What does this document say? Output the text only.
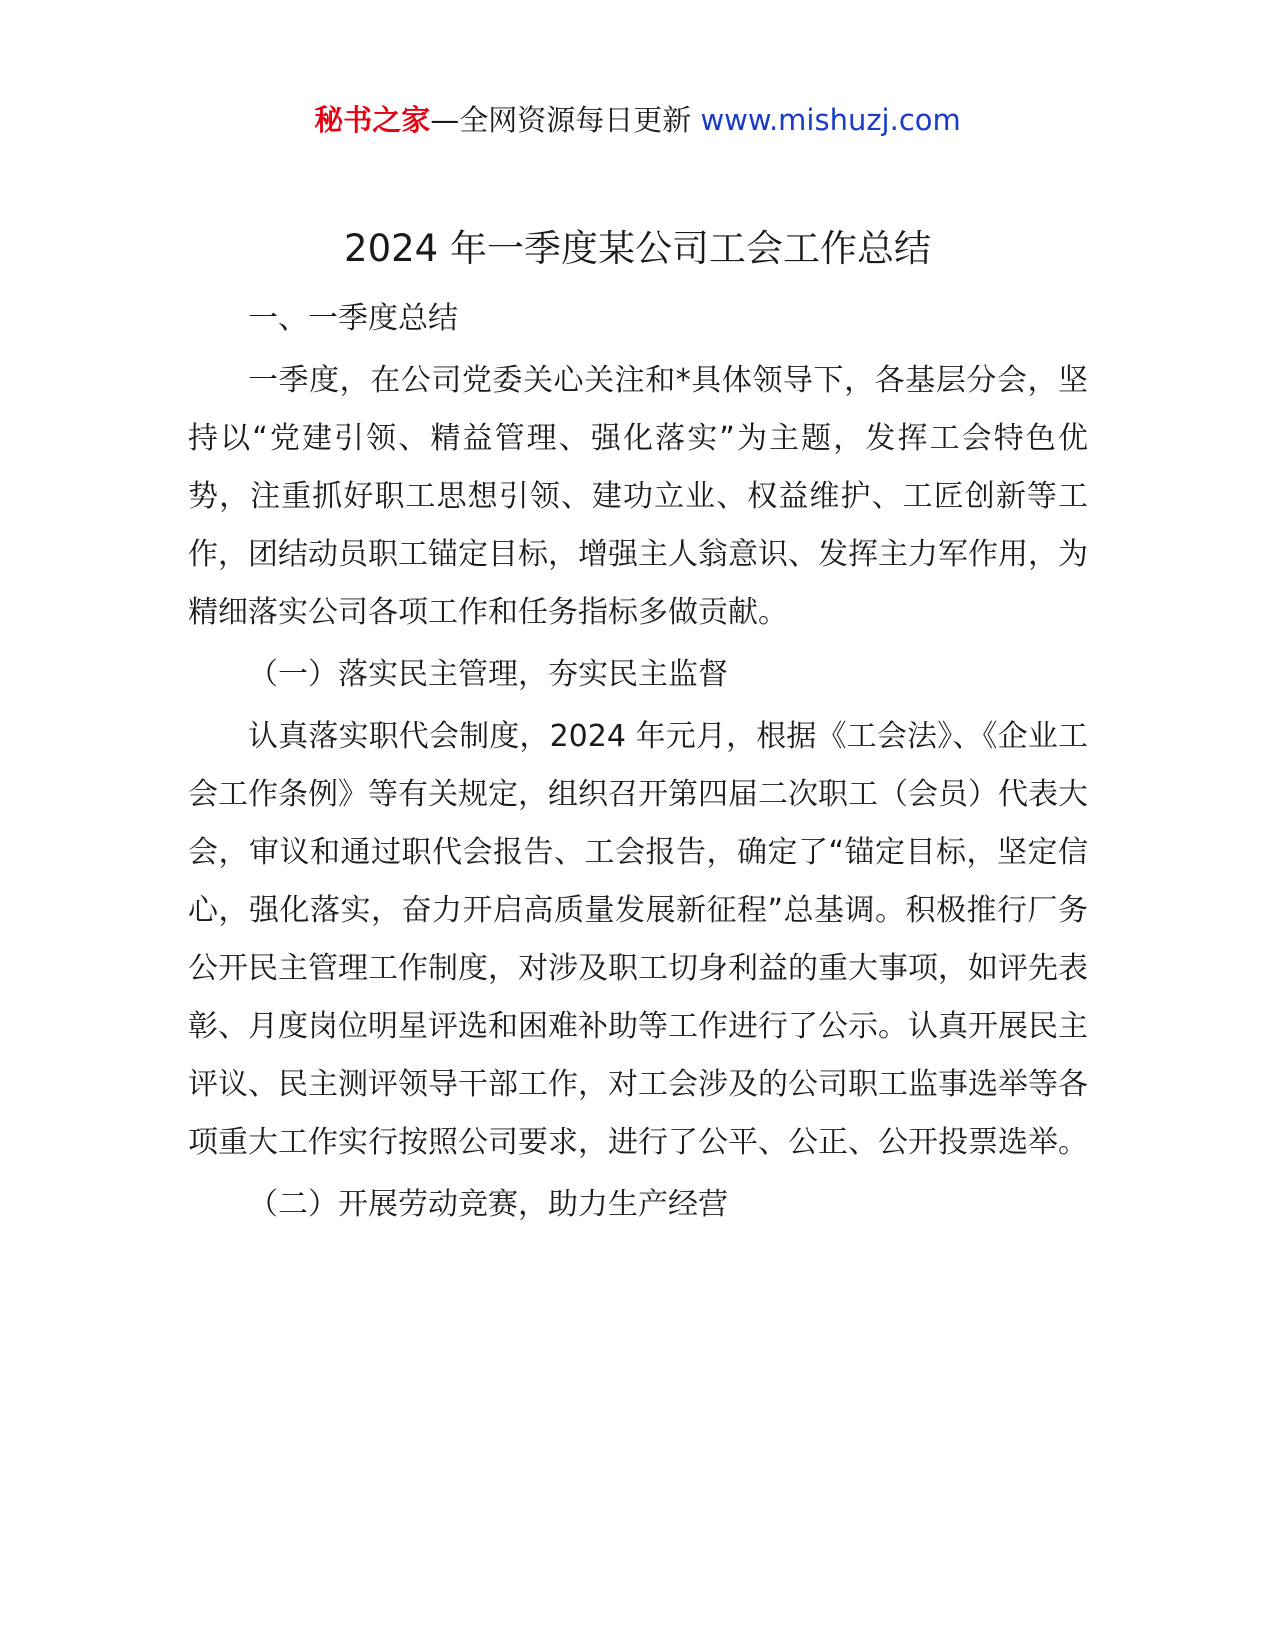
秘书之家—全网资源每日更新 www.mishuzj.com
2024 年一季度某公司工会工作总结

一、一季度总结

一季度，在公司党委关心关注和*具体领导下，各基层分会，坚持以“党建引领、精益管理、强化落实”为主题，发挥工会特色优势，注重抓好职工思想引领、建功立业、权益维护、工匠创新等工作，团结动员职工锚定目标，增强主人翁意识、发挥主力军作用，为精细落实公司各项工作和任务指标多做贡献。

（一）落实民主管理，夯实民主监督

认真落实职代会制度，2024 年元月，根据《工会法》、《企业工会工作条例》等有关规定，组织召开第四届二次职工（会员）代表大会，审议和通过职代会报告、工会报告，确定了“锚定目标，坚定信心，强化落实，奋力开启高质量发展新征程”总基调。积极推行厂务公开民主管理工作制度，对涉及职工切身利益的重大事项，如评先表彰、月度岗位明星评选和困难补助等工作进行了公示。认真开展民主评议、民主测评领导干部工作，对工会涉及的公司职工监事选举等各项重大工作实行按照公司要求，进行了公平、公正、公开投票选举。

（二）开展劳动竞赛，助力生产经营
